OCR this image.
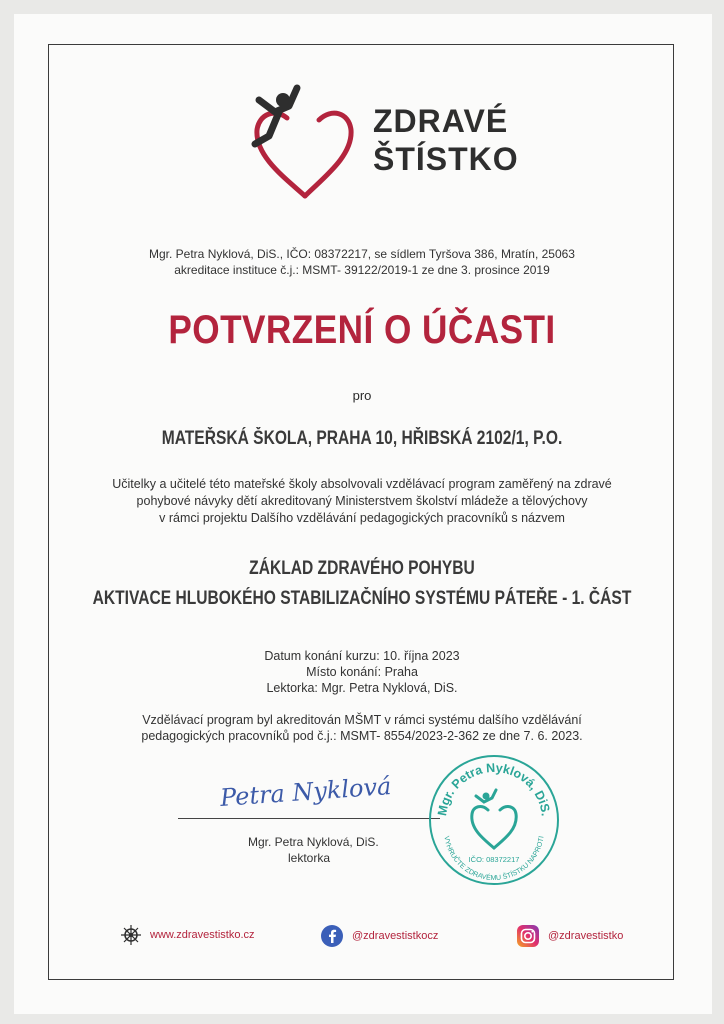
ZDRAVÉ
ŠTÍSTKO
Mgr. Petra Nyklová, DiS., IČO: 08372217, se sídlem Tyršova 386, Mratín, 25063
akreditace instituce č.j.: MSMT- 39122/2019-1 ze dne 3. prosince 2019
POTVRZENÍ O ÚČASTI
pro
MATEŘSKÁ ŠKOLA, PRAHA 10, HŘIBSKÁ 2102/1, P.O.
Učitelky a učitelé této mateřské školy absolvovali vzdělávací program zaměřený na zdravé
pohybové návyky dětí akreditovaný Ministerstvem školství mládeže a tělovýchovy
v rámci projektu Dalšího vzdělávání pedagogických pracovníků s názvem
ZÁKLAD ZDRAVÉHO POHYBU
AKTIVACE HLUBOKÉHO STABILIZAČNÍHO SYSTÉMU PÁTEŘE - 1. ČÁST
Datum konání kurzu: 10. října 2023
Místo konání: Praha
Lektorka: Mgr. Petra Nyklová, DiS.
Vzdělávací program byl akreditován MŠMT v rámci systému dalšího vzdělávání
pedagogických pracovníků pod č.j.: MSMT- 8554/2023-2-362 ze dne 7. 6. 2023.
Petra Nyklová
Mgr. Petra Nyklová, DiS.
lektorka
Mgr. Petra Nyklová, DiS.
VYHRUČTE ZDRAVÉMU ŠTÍSTKU NAPROTI
IČO: 08372217
www.zdravestistko.cz	@zdravestistkocz	@zdravestistko
